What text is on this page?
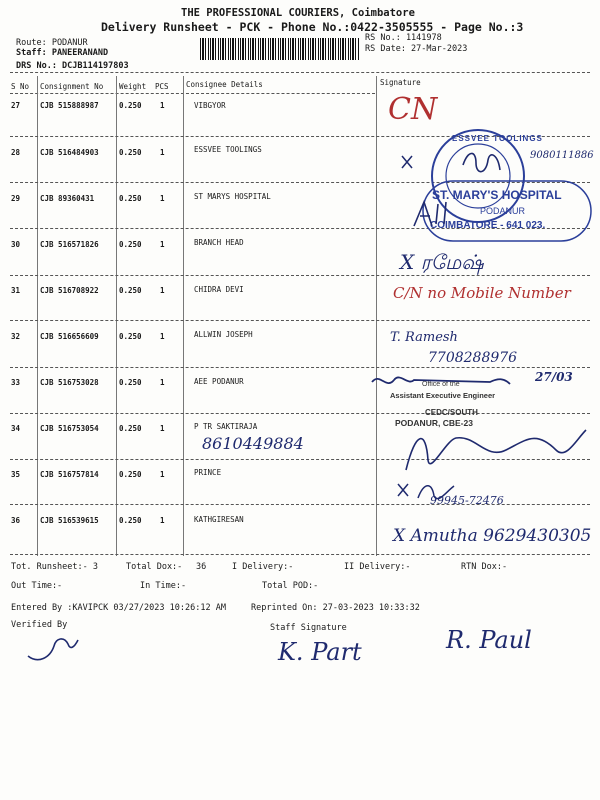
THE PROFESSIONAL COURIERS, Coimbatore
Delivery Runsheet - PCK - Phone No.:0422-3505555 - Page No.:3
Route: PODANUR
Staff: PANEERANAND
DRS No.: DCJB114197803
RS No.: 1141978
RS Date: 27-Mar-2023
S No Consignment No Weight PCS Consignee Details	Signature
27	CJB 515888987	0.250 1	VIBGYOR
28	CJB 516484903	0.250 1	ESSVEE TOOLINGS
29	CJB 89360431	0.250 1	ST MARYS HOSPITAL
30	CJB 516571826	0.250 1	BRANCH HEAD
31	CJB 516708922	0.250 1	CHIDRA DEVI
32	CJB 516656609	0.250 1	ALLWIN JOSEPH
33	CJB 516753028	0.250 1	AEE PODANUR
34	CJB 516753054	0.250 1	P TR SAKTIRAJA
35	CJB 516757814	0.250 1	PRINCE
36	CJB 516539615	0.250 1	KATHGIRESAN
ESSVEE TOOLINGS
ST. MARY'S HOSPITAL
PODANUR
COIMBATORE - 641 023.
Office of the
Assistant Executive Engineer
CEDC/SOUTH
PODANUR, CBE-23
CN
9080111886
X ரமேஷ்
C/N no Mobile Number
T. Ramesh
7708288976
27/03
8610449884
99945-72476
X Amutha 9629430305
Tot. Runsheet:- 3	Total Dox:- 36	I Delivery:-	II Delivery:-	RTN Dox:-
Out Time:-	In Time:-	Total POD:-
Entered By :KAVIPCK 03/27/2023 10:26:12 AM	Reprinted On: 27-03-2023 10:33:32
Verified By	Staff Signature
K. Part	R. Paul
